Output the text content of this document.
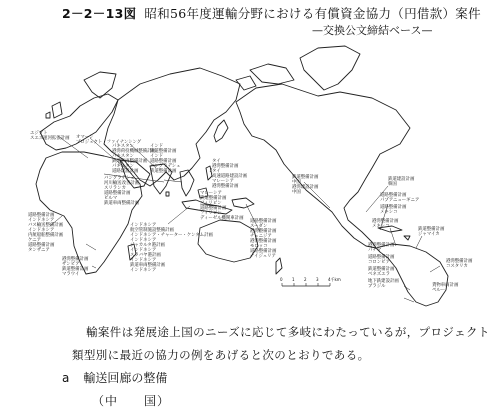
2－2－13図 昭和56年度運輸分野における有償資金協力（円借款）案件
—交換公文締結ベース—
エジプト
スエズ運河拡張計画 オマーン
プロジェクト・ファイナンシング
パキスタン
港湾荷役機械整備計画
パキスタン
鉄道車両整備計画
パキスタン
道路建設計画
インド
鉄道整備計画
インド
道路整備計画
バングラデシュ
鉄道整備計画
バングラデシュ
河川輸送改善計画
スリランカ
道路整備計画
ビルマ
鉄道車両整備計画
タイ
港湾整備計画
タイ
高速道路建設計画
マレーシア
港湾整備計画
マレーシア
鉄道整備計画
フィリピン
道路整備計画
フィリピン
ディーゼル機関車計画
インドネシア
航空管制施設整備計画
インドネシア・チャーター・ケンタム計画
インドネシア
ジャカルタ港計画
インドネシア
スラバヤ港計画
インドネシア
鉄道車両整備計画
インドネシア
道路整備計画
インドネシア
バス輸送整備計画
インドネシア
内航船舶整備計画
ケニア
道路整備計画
タンザニア
港湾整備計画
ザンビア
鉄道整備計画
マラウイ
道路整備計画
スーダン
港湾整備計画
チュニジア
港湾整備計画
モロッコ
道路整備計画
ナイジェリア
鉄道整備計画
中国
港湾建設計画
中国
鉄道建設計画
韓国
道路整備計画
パプアニューギニア
道路整備計画
メキシコ
港湾整備計画
メキシコ
鉄道整備計画
ジャマイカ
港湾整備計画
コスタリカ
港湾整備計画
パナマ
道路整備計画
コロンビア
鉄道整備計画
ベネズエラ
地下鉄建設計画
ブラジル	貨物車両計画
ペルー
0 1 2 3 4千km
輸案件は発展途上国のニーズに応じて多岐にわたっているが，プロジェクト
類型別に最近の協力の例をあげると次のとおりである。
a 輸送回廊の整備
（中　　国）
